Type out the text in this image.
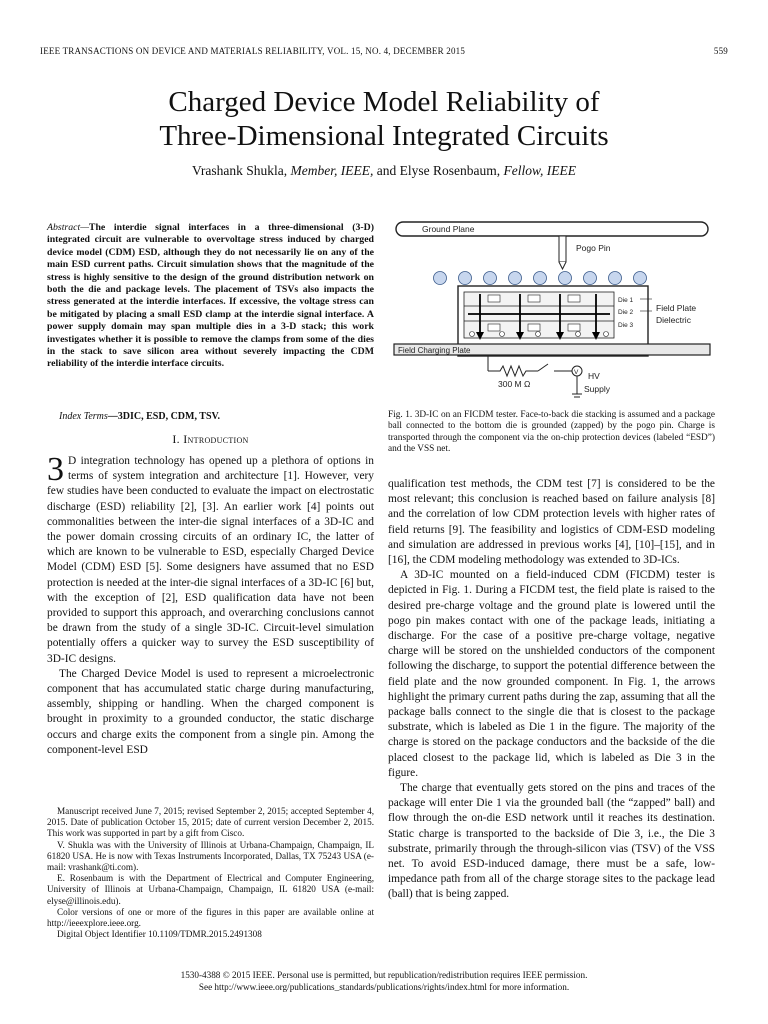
IEEE TRANSACTIONS ON DEVICE AND MATERIALS RELIABILITY, VOL. 15, NO. 4, DECEMBER 2015	559
Charged Device Model Reliability of
Three-Dimensional Integrated Circuits
Vrashank Shukla, Member, IEEE, and Elyse Rosenbaum, Fellow, IEEE
Abstract—The interdie signal interfaces in a three-dimensional (3-D) integrated circuit are vulnerable to overvoltage stress induced by charged device model (CDM) ESD, although they do not necessarily lie on any of the main ESD current paths. Circuit simulation shows that the magnitude of the stress is highly sensitive to the design of the ground distribution network on both the die and package levels. The placement of TSVs also impacts the stress generated at the interdie interfaces. If excessive, the voltage stress can be mitigated by placing a small ESD clamp at the interdie signal interface. A power supply domain may span multiple dies in a 3-D stack; this work investigates whether it is possible to remove the clamps from some of the dies in the stack to save silicon area without severely impacting the CDM reliability of the interdie interface circuits.
Index Terms—3DIC, ESD, CDM, TSV.
I. Introduction

3 D integration technology has opened up a plethora of options in terms of system integration and architecture [1]. However, very few studies have been conducted to evaluate the impact on electrostatic discharge (ESD) reliability [2], [3]. An earlier work [4] points out commonalities between the inter-die signal interfaces of a 3D-IC and the power domain crossing circuits of an ordinary IC, the latter of which are known to be vulnerable to ESD, especially Charged Device Model (CDM) ESD [5]. Some designers have assumed that no ESD protection is needed at the inter-die signal interfaces of a 3D-IC [6] but, with the exception of [2], ESD qualification data have not been provided to support this approach, and overarching conclusions cannot be drawn from the study of a single 3D-IC. Circuit-level simulation potentially offers a quicker way to survey the ESD susceptibility of 3D-IC designs.

The Charged Device Model is used to represent a microelectronic component that has accumulated static charge during manufacturing, assembly, shipping or handling. When the charged component is brought in proximity to a grounded conductor, the static discharge occurs and charge exits the component from a single pin. Among the component-level ESD

Manuscript received June 7, 2015; revised September 2, 2015; accepted September 4, 2015. Date of publication October 15, 2015; date of current version December 2, 2015. This work was supported in part by a gift from Cisco.

V. Shukla was with the University of Illinois at Urbana-Champaign, Champaign, IL 61820 USA. He is now with Texas Instruments Incorporated, Dallas, TX 75243 USA (e-mail: vrashank@ti.com).

E. Rosenbaum is with the Department of Electrical and Computer Engineering, University of Illinois at Urbana-Champaign, Champaign, IL 61820 USA (e-mail: elyse@illinois.edu).

Color versions of one or more of the figures in this paper are available online at http://ieeexplore.ieee.org.

Digital Object Identifier 10.1109/TDMR.2015.2491308

Ground Plane
Pogo Pin
Die 1
Die 2
Die 3
Field Plate
Dielectric
Field Charging Plate
300 M Ω
V HV
Supply
Fig. 1. 3D-IC on an FICDM tester. Face-to-back die stacking is assumed and a package ball connected to the bottom die is grounded (zapped) by the pogo pin. Charge is transported through the component via the on-chip protection devices (labeled “ESD”) and the VSS net.

qualification test methods, the CDM test [7] is considered to be the most relevant; this conclusion is reached based on failure analysis [8] and the correlation of low CDM protection levels with higher rates of field returns [9]. The feasibility and logistics of CDM-ESD modeling and simulation are addressed in previous works [4], [10]–[15], and in [16], the CDM modeling methodology was extended to 3D-ICs.

A 3D-IC mounted on a field-induced CDM (FICDM) tester is depicted in Fig. 1. During a FICDM test, the field plate is raised to the desired pre-charge voltage and the ground plate is lowered until the pogo pin makes contact with one of the package leads, initiating a discharge. For the case of a positive pre-charge voltage, negative charge will be stored on the unshielded conductors of the component following the discharge, to support the potential difference between the field plate and the now grounded component. In Fig. 1, the arrows highlight the primary current paths during the zap, assuming that all the package balls connect to the single die that is closest to the package substrate, which is labeled as Die 1 in the figure. The majority of the charge is stored on the package conductors and the backside of the die placed closest to the package lid, which is labeled as Die 3 in the figure.

The charge that eventually gets stored on the pins and traces of the package will enter Die 1 via the grounded ball (the “zapped” ball) and flow through the on-die ESD network until it reaches its destination. Static charge is transported to the backside of Die 3, i.e., the Die 3 substrate, primarily through the through-silicon vias (TSV) of the VSS net. To avoid ESD-induced damage, there must be a safe, low-impedance path from all of the charge storage sites to the package lead (ball) that is being zapped.

1530-4388 © 2015 IEEE. Personal use is permitted, but republication/redistribution requires IEEE permission.
See http://www.ieee.org/publications_standards/publications/rights/index.html for more information.
